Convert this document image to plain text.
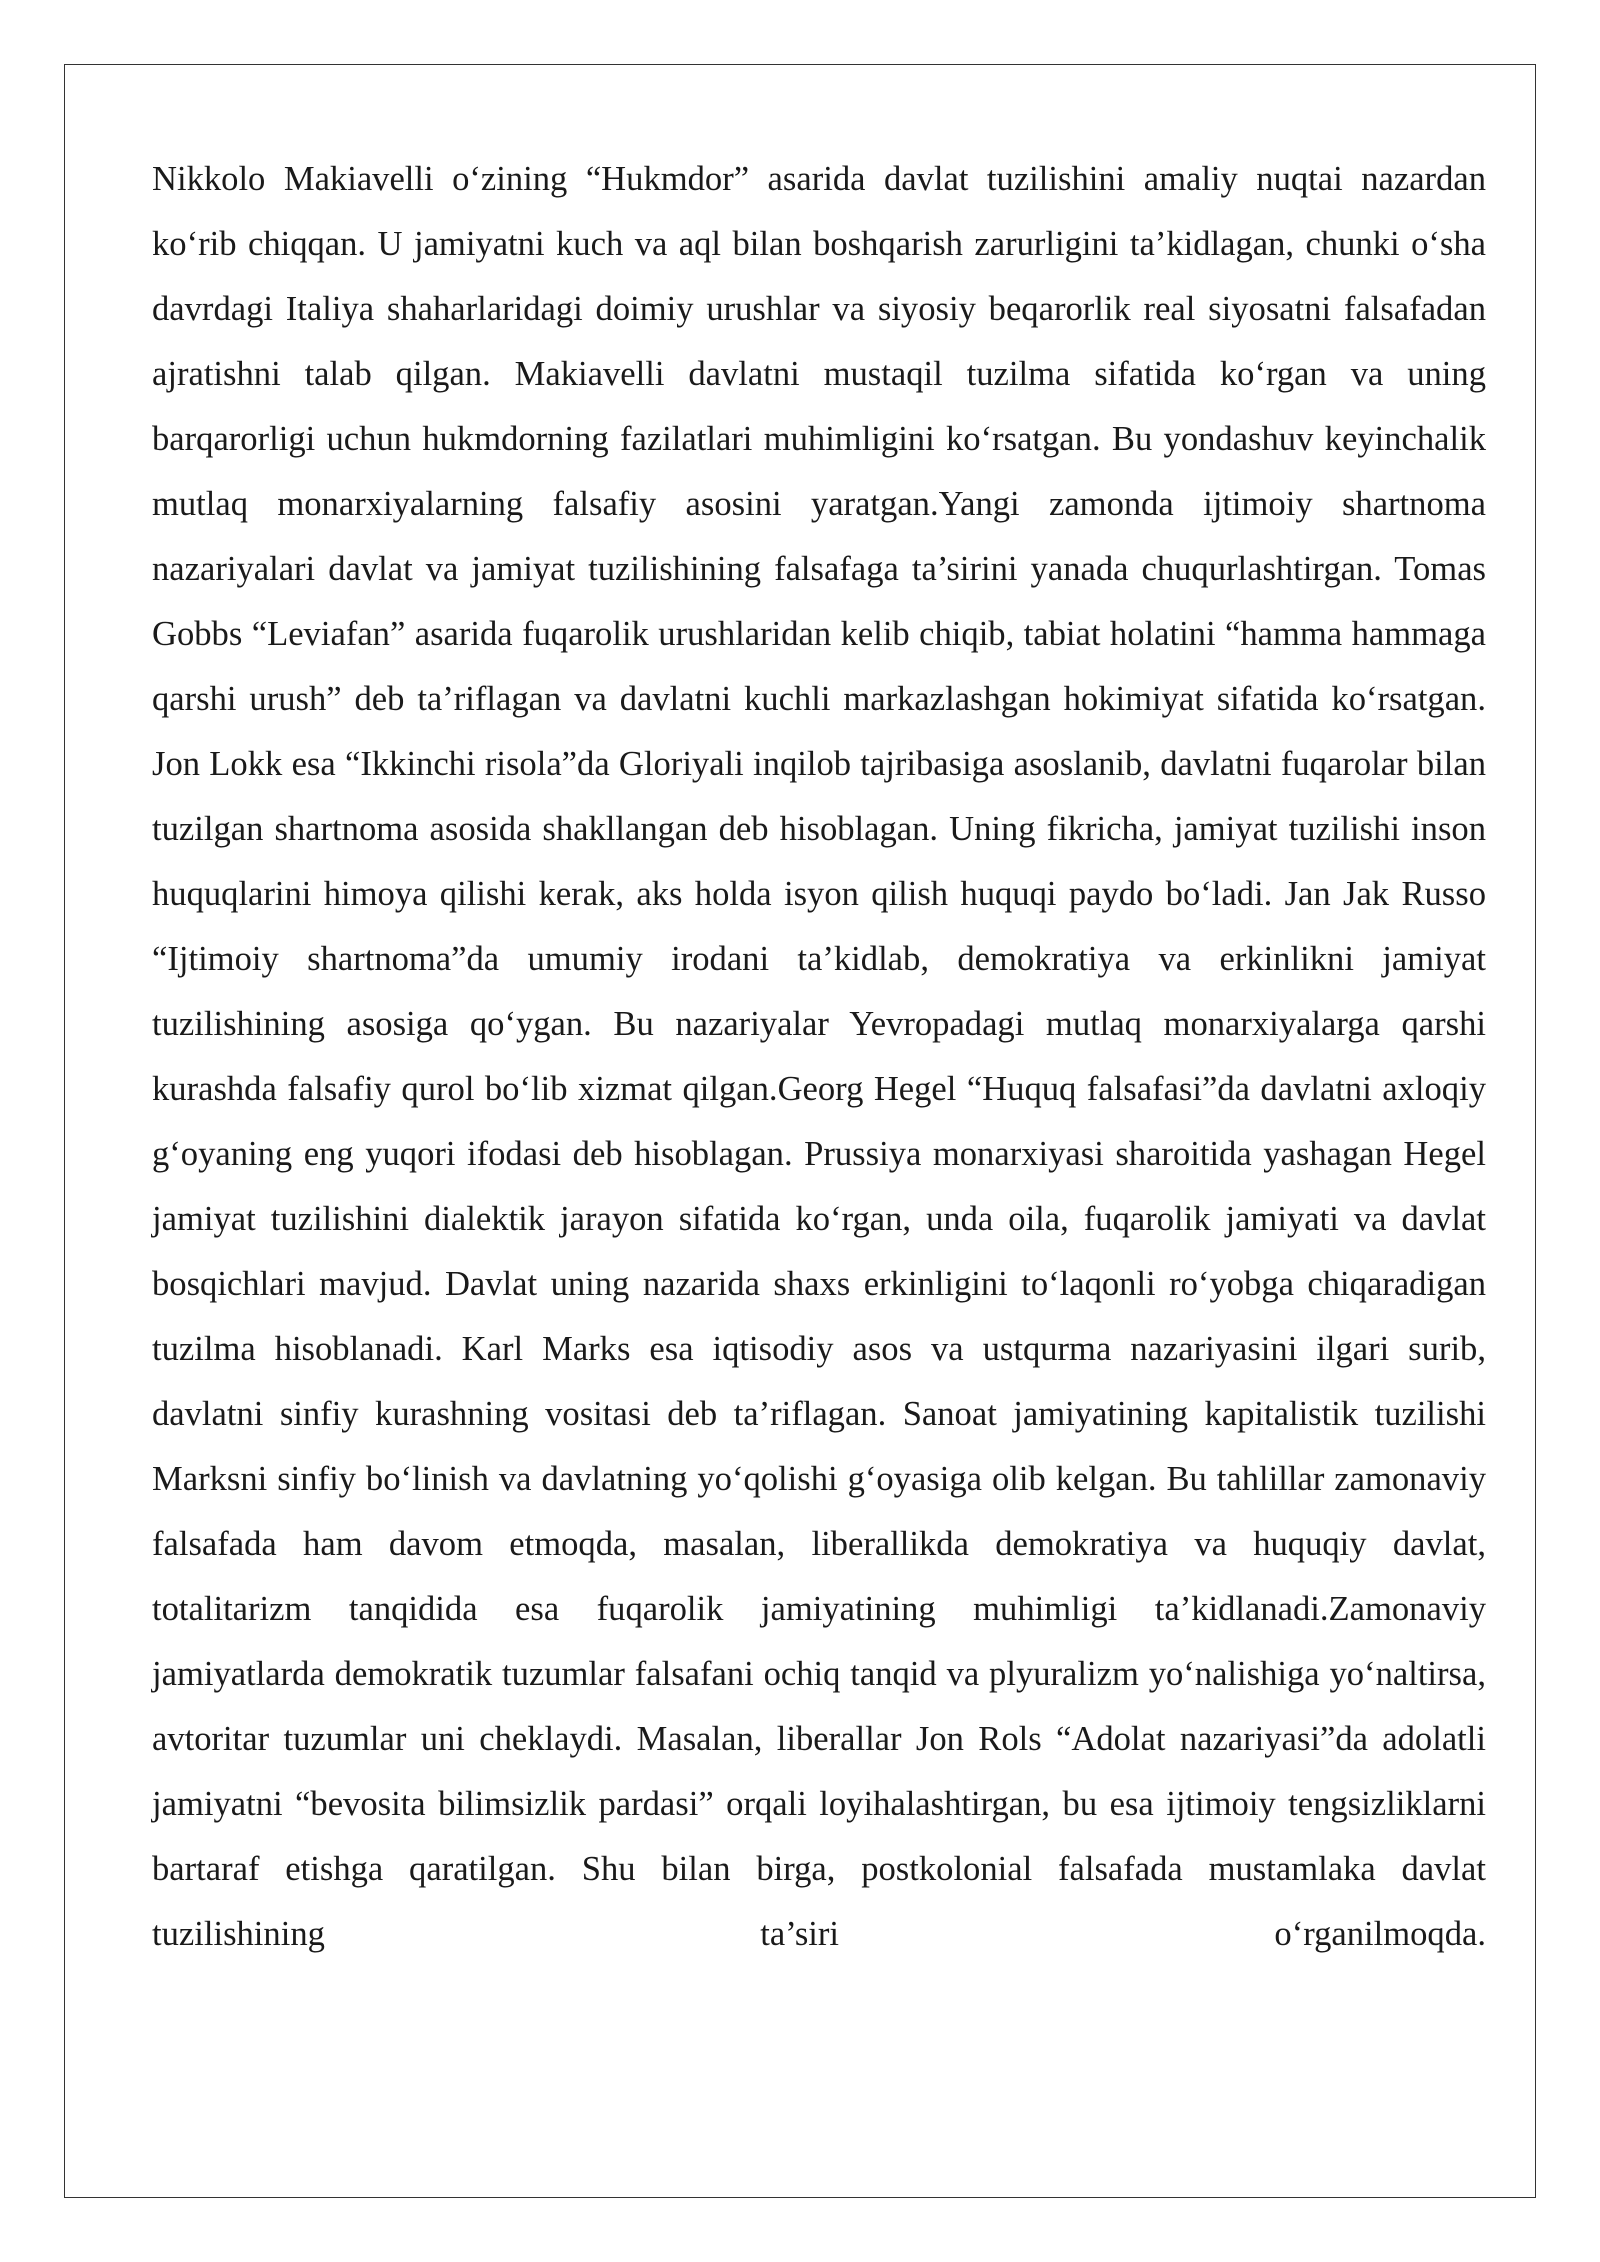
Nikkolo Makiavelli o‘zining “Hukmdor” asarida davlat tuzilishini amaliy nuqtai nazardan ko‘rib chiqqan. U jamiyatni kuch va aql bilan boshqarish zarurligini ta’kidlagan, chunki o‘sha davrdagi Italiya shaharlaridagi doimiy urushlar va siyosiy beqarorlik real siyosatni falsafadan ajratishni talab qilgan. Makiavelli davlatni mustaqil tuzilma sifatida ko‘rgan va uning barqarorligi uchun hukmdorning fazilatlari muhimligini ko‘rsatgan. Bu yondashuv keyinchalik mutlaq monarxiyalarning falsafiy asosini yaratgan.Yangi zamonda ijtimoiy shartnoma nazariyalari davlat va jamiyat tuzilishining falsafaga ta’sirini yanada chuqurlashtirgan. Tomas Gobbs “Leviafan” asarida fuqarolik urushlaridan kelib chiqib, tabiat holatini “hamma hammaga qarshi urush” deb ta’riflagan va davlatni kuchli markazlashgan hokimiyat sifatida ko‘rsatgan. Jon Lokk esa “Ikkinchi risola”da Gloriyali inqilob tajribasiga asoslanib, davlatni fuqarolar bilan tuzilgan shartnoma asosida shakllangan deb hisoblagan. Uning fikricha, jamiyat tuzilishi inson huquqlarini himoya qilishi kerak, aks holda isyon qilish huquqi paydo bo‘ladi. Jan Jak Russo “Ijtimoiy shartnoma”da umumiy irodani ta’kidlab, demokratiya va erkinlikni jamiyat tuzilishining asosiga qo‘ygan. Bu nazariyalar Yevropadagi mutlaq monarxiyalarga qarshi kurashda falsafiy qurol bo‘lib xizmat qilgan.Georg Hegel “Huquq falsafasi”da davlatni axloqiy g‘oyaning eng yuqori ifodasi deb hisoblagan. Prussiya monarxiyasi sharoitida yashagan Hegel jamiyat tuzilishini dialektik jarayon sifatida ko‘rgan, unda oila, fuqarolik jamiyati va davlat bosqichlari mavjud. Davlat uning nazarida shaxs erkinligini to‘laqonli ro‘yobga chiqaradigan tuzilma hisoblanadi. Karl Marks esa iqtisodiy asos va ustqurma nazariyasini ilgari surib, davlatni sinfiy kurashning vositasi deb ta’riflagan. Sanoat jamiyatining kapitalistik tuzilishi Marksni sinfiy bo‘linish va davlatning yo‘qolishi g‘oyasiga olib kelgan. Bu tahlillar zamonaviy falsafada ham davom etmoqda, masalan, liberallikda demokratiya va huquqiy davlat, totalitarizm tanqidida esa fuqarolik jamiyatining muhimligi ta’kidlanadi.Zamonaviy jamiyatlarda demokratik tuzumlar falsafani ochiq tanqid va plyuralizm yo‘nalishiga yo‘naltirsa, avtoritar tuzumlar uni cheklaydi. Masalan, liberallar Jon Rols “Adolat nazariyasi”da adolatli jamiyatni “bevosita bilimsizlik pardasi” orqali loyihalashtirgan, bu esa ijtimoiy tengsizliklarni bartaraf etishga qaratilgan. Shu bilan birga, postkolonial falsafada mustamlaka davlat tuzilishining ta’siri o‘rganilmoqda.
